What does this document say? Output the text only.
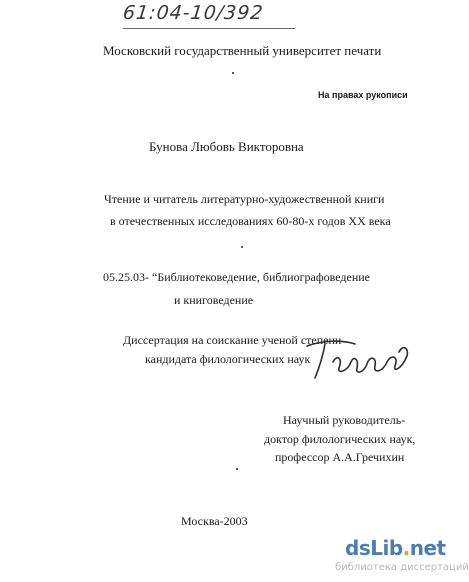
61:04-10/392
Московский государственный университет печати
На правах рукописи
Бунова Любовь Викторовна
Чтение и читатель литературно-художественной книги
в отечественных исследованиях 60-80-х годов XX века
05.25.03- “Библиотековедение, библиографоведение
и книговедение
Диссертация на соискание ученой степени
кандидата филологических наук
Научный руководитель-
доктор филологических наук,
профессор А.А.Гречихин
Москва-2003
dsLib.net
библиотека диссертаций
